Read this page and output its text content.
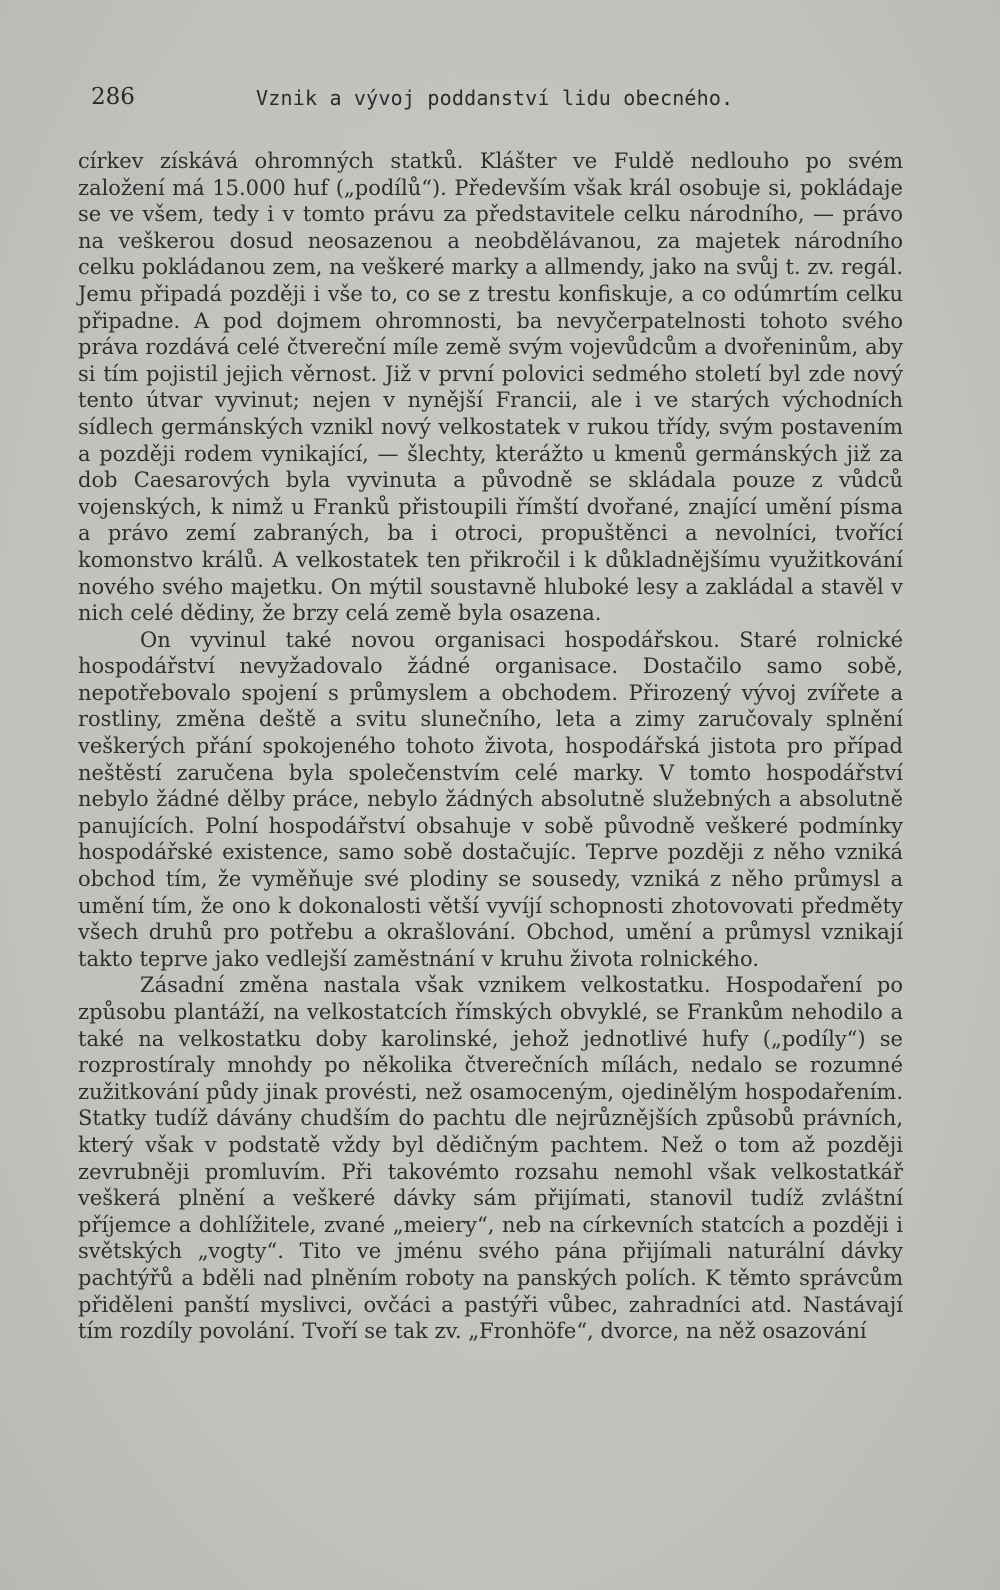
286	Vznik a vývoj poddanství lidu obecného.

církev získává ohromných statků. Klášter ve Fuldě nedlouho po svém založení má 15.000 huf („podílů“). Především však král osobuje si, pokládaje se ve všem, tedy i v tomto právu za představitele celku národního, — právo na veškerou dosud neosazenou a neobdělávanou, za majetek národního celku pokládanou zem, na veškeré marky a allmendy, jako na svůj t. zv. regál. Jemu připadá později i vše to, co se z trestu konfiskuje, a co odúmrtím celku připadne. A pod dojmem ohromnosti, ba nevyčerpatelnosti tohoto svého práva rozdává celé čtvereční míle země svým vojevůdcům a dvořeninům, aby si tím pojistil jejich věrnost. Již v první polovici sedmého století byl zde nový tento útvar vyvinut; nejen v nynější Francii, ale i ve starých východních sídlech germánských vznikl nový velkostatek v rukou třídy, svým postavením a později rodem vynikající, — šlechty, kterážto u kmenů germánských již za dob Caesarových byla vyvinuta a původně se skládala pouze z vůdců vojenských, k nimž u Franků přistoupili římští dvořané, znající umění písma a právo zemí zabraných, ba i otroci, propuštěnci a nevolníci, tvořící komonstvo králů. A velkostatek ten přikročil i k důkladnějšímu využitkování nového svého majetku. On mýtil soustavně hluboké lesy a zakládal a stavěl v nich celé dědiny, že brzy celá země byla osazena.

On vyvinul také novou organisaci hospodářskou. Staré rolnické hospodářství nevyžadovalo žádné organisace. Dostačilo samo sobě, nepotřebovalo spojení s průmyslem a obchodem. Přirozený vývoj zvířete a rostliny, změna deště a svitu slunečního, leta a zimy zaručovaly splnění veškerých přání spokojeného tohoto života, hospodářská jistota pro případ neštěstí zaručena byla společenstvím celé marky. V tomto hospodářství nebylo žádné dělby práce, nebylo žádných absolutně služebných a absolutně panujících. Polní hospodářství obsahuje v sobě původně veškeré podmínky hospodářské existence, samo sobě dostačujíc. Teprve později z něho vzniká obchod tím, že vyměňuje své plodiny se sousedy, vzniká z něho průmysl a umění tím, že ono k dokonalosti větší vyvíjí schopnosti zhotovovati předměty všech druhů pro potřebu a okrašlování. Obchod, umění a průmysl vznikají takto teprve jako vedlejší zaměstnání v kruhu života rolnického.

Zásadní změna nastala však vznikem velkostatku. Hospodaření po způsobu plantáží, na velkostatcích římských obvyklé, se Frankům nehodilo a také na velkostatku doby karolinské, jehož jednotlivé hufy („podíly“) se rozprostíraly mnohdy po několika čtverečních mílách, nedalo se rozumné zužitkování půdy jinak provésti, než osamoceným, ojedinělým hospodařením. Statky tudíž dávány chudším do pachtu dle nejrůznějších způsobů právních, který však v podstatě vždy byl dědičným pachtem. Než o tom až později zevrubněji promluvím. Při takovémto rozsahu nemohl však velkostatkář veškerá plnění a veškeré dávky sám přijímati, stanovil tudíž zvláštní příjemce a dohlížitele, zvané „meiery“, neb na církevních statcích a později i světských „vogty“. Tito ve jménu svého pána přijímali naturální dávky pachtýřů a bděli nad plněním roboty na panských polích. K těmto správcům přiděleni panští myslivci, ovčáci a pastýři vůbec, zahradníci atd. Nastávají tím rozdíly povolání. Tvoří se tak zv. „Fronhöfe“, dvorce, na něž osazování
